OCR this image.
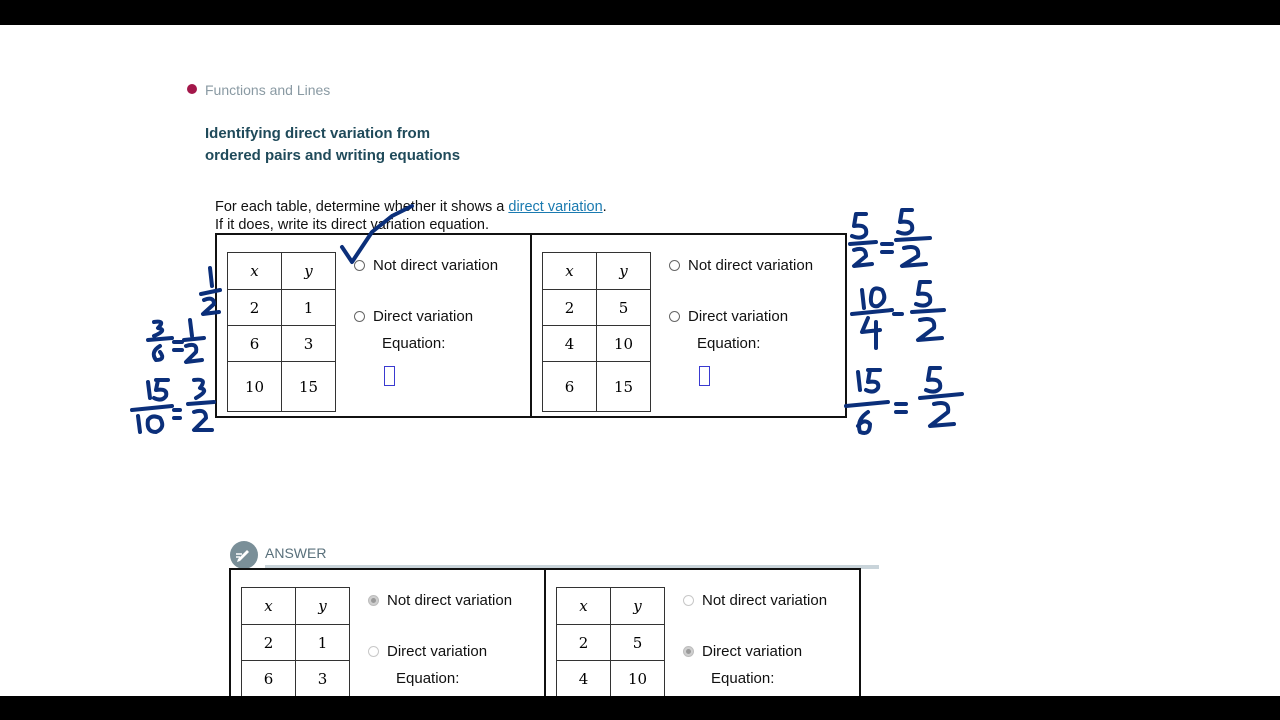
Functions and Lines
Identifying direct variation from ordered pairs and writing equations
For each table, determine whether it shows a direct variation.
If it does, write its direct variation equation.
x	y
2	1
6	3
10	15
Not direct variation
Direct variation
Equation:
x	y
2	5
4	10
6	15
Not direct variation
Direct variation
Equation:
ANSWER
x	y
2	1
6	3

Not direct variation
Direct variation
Equation:
x	y
2	5
4	10

Not direct variation
Direct variation
Equation:
